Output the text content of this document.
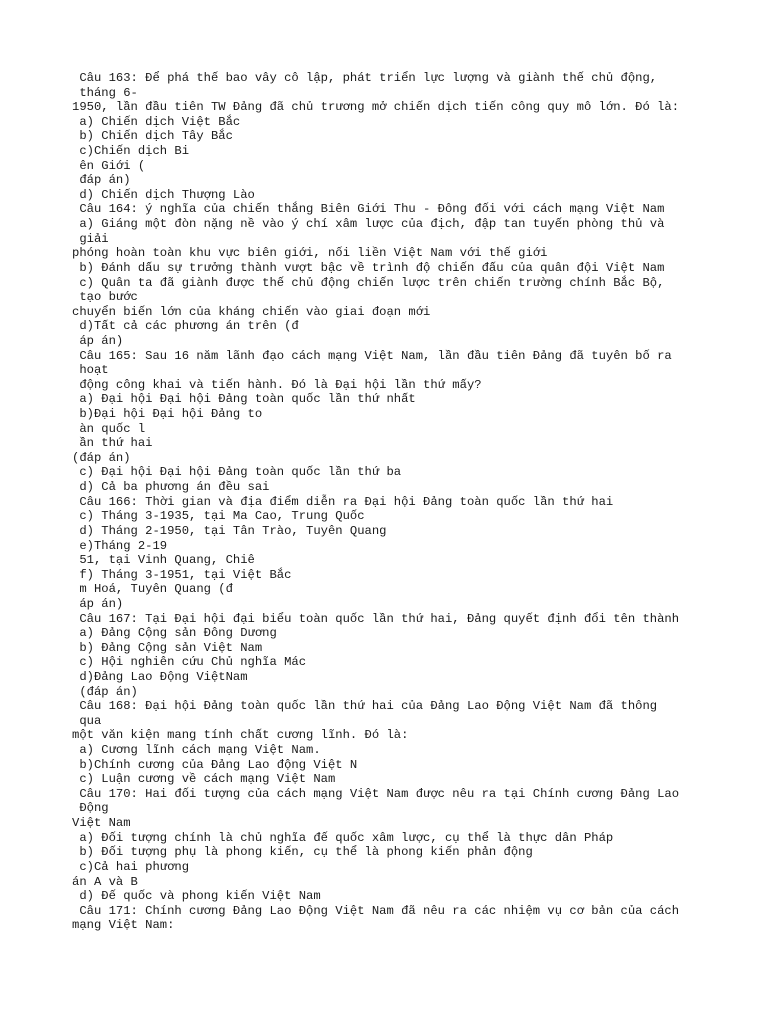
Câu 163: Để phá thế bao vây cô lập, phát triển lực lượng và giành thế chủ động,
tháng 6-
1950, lần đầu tiên TW Đảng đã chủ trương mở chiến dịch tiến công quy mô lớn. Đó là:
a) Chiến dịch Việt Bắc
b) Chiến dịch Tây Bắc
c)Chiến dịch Bi
ên Giới (
đáp án)
d) Chiến dịch Thượng Lào
Câu 164: ý nghĩa của chiến thắng Biên Giới Thu - Đông đối với cách mạng Việt Nam
a) Giáng một đòn nặng nề vào ý chí xâm lược của địch, đập tan tuyến phòng thủ và
giải
phóng hoàn toàn khu vực biên giới, nối liền Việt Nam với thế giới
b) Đánh dấu sự trưởng thành vượt bậc về trình độ chiến đấu của quân đội Việt Nam
c) Quân ta đã giành được thế chủ động chiến lược trên chiến trường chính Bắc Bộ,
tạo bước
chuyển biến lớn của kháng chiến vào giai đoạn mới
d)Tất cả các phương án trên (đ
áp án)
Câu 165: Sau 16 năm lãnh đạo cách mạng Việt Nam, lần đầu tiên Đảng đã tuyên bố ra
hoạt
động công khai và tiến hành. Đó là Đại hội lần thứ mấy?
a) Đại hội Đại hội Đảng toàn quốc lần thứ nhất
b)Đại hội Đại hội Đảng to
àn quốc l
ần thứ hai
(đáp án)
c) Đại hội Đại hội Đảng toàn quốc lần thứ ba
d) Cả ba phương án đều sai
Câu 166: Thời gian và địa điểm diễn ra Đại hội Đảng toàn quốc lần thứ hai
c) Tháng 3-1935, tại Ma Cao, Trung Quốc
d) Tháng 2-1950, tại Tân Trào, Tuyên Quang
e)Tháng 2-19
51, tại Vinh Quang, Chiê
f) Tháng 3-1951, tại Việt Bắc
m Hoá, Tuyên Quang (đ
áp án)
Câu 167: Tại Đại hội đại biểu toàn quốc lần thứ hai, Đảng quyết định đổi tên thành
a) Đảng Cộng sản Đông Dương
b) Đảng Cộng sản Việt Nam
c) Hội nghiên cứu Chủ nghĩa Mác
d)Đảng Lao Động ViệtNam
(đáp án)
Câu 168: Đại hội Đảng toàn quốc lần thứ hai của Đảng Lao Động Việt Nam đã thông
qua
một văn kiện mang tính chất cương lĩnh. Đó là:
a) Cương lĩnh cách mạng Việt Nam.
b)Chính cương của Đảng Lao động Việt N
c) Luận cương về cách mạng Việt Nam
Câu 170: Hai đối tượng của cách mạng Việt Nam được nêu ra tại Chính cương Đảng Lao
Động
Việt Nam
a) Đối tượng chính là chủ nghĩa đế quốc xâm lược, cụ thể là thực dân Pháp
b) Đối tượng phụ là phong kiến, cụ thể là phong kiến phản động
c)Cả hai phương
án A và B
d) Đế quốc và phong kiến Việt Nam
Câu 171: Chính cương Đảng Lao Động Việt Nam đã nêu ra các nhiệm vụ cơ bản của cách
mạng Việt Nam:
